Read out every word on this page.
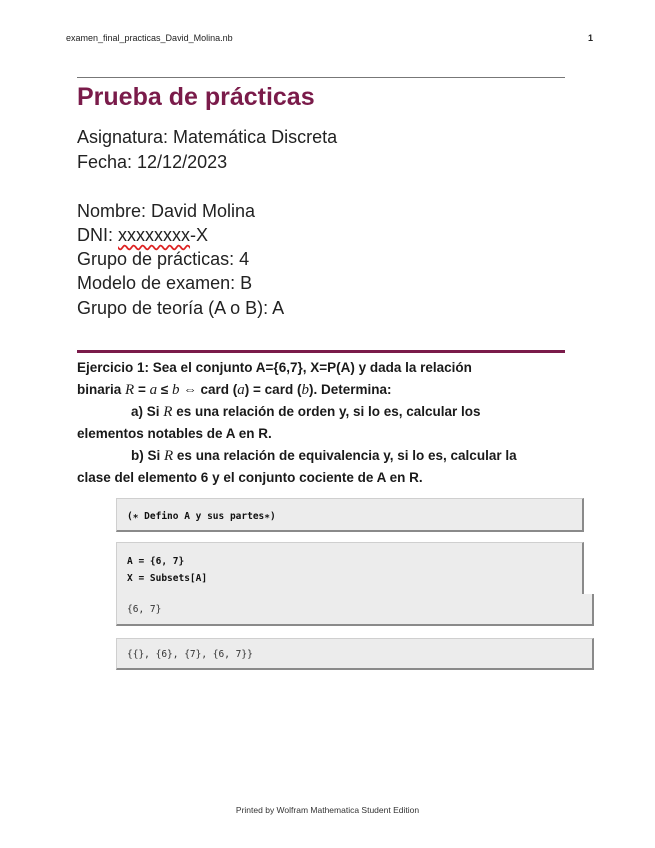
examen_final_practicas_David_Molina.nb	1
Prueba de prácticas
Asignatura: Matemática Discreta
Fecha: 12/12/2023
Nombre: David Molina
DNI: xxxxxxxx-X
Grupo de prácticas: 4
Modelo de examen: B
Grupo de teoría (A o B): A

Ejercicio 1: Sea el conjunto A={6,7}, X=P(A) y dada la relación

binaria R = a ≤ b ⇔ card (a) = card (b). Determina:

a) Si R es una relación de orden y, si lo es, calcular los

elementos notables de A en R.

b) Si R es una relación de equivalencia y, si lo es, calcular la

clase del elemento 6 y el conjunto cociente de A en R.

(∗ Defino A y sus partes∗)
A = {6, 7}
X = Subsets[A]
{6, 7}
{{}, {6}, {7}, {6, 7}}
Printed by Wolfram Mathematica Student Edition
